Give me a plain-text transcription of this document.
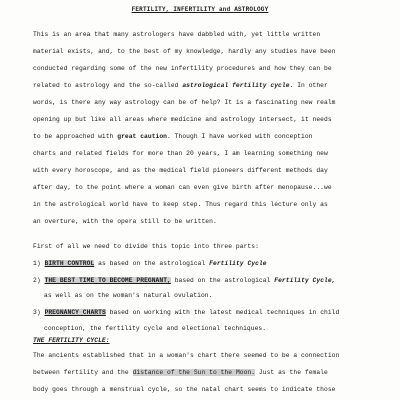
FERTILITY, INFERTILITY and ASTROLOGY
This is an area that many astrologers have dabbled with, yet little written
material exists, and, to the best of my knowledge, hardly any studies have been
conducted regarding some of the new infertility procedures and how they can be
related to astrology and the so-called astrological fertility cycle. In other
words, is there any way astrology can be of help? It is a fascinating new realm
opening up but like all areas where medicine and astrology intersect, it needs
to be approached with great caution. Though I have worked with conception
charts and related fields for more than 20 years, I am learning something new
with every horoscope, and as the medical field pioneers different methods day
after day, to the point where a woman can even give birth after menopause...we
in the astrological world have to keep step. Thus regard this lecture only as
an overture, with the opera still to be written.
First of all we need to divide this topic into three parts:
1) BIRTH CONTROL as based on the astrological Fertility Cycle
2) THE BEST TIME TO BECOME PREGNANT, based on the astrological Fertility Cycle,
as well as on the woman's natural ovulation.
3) PREGNANCY CHARTS based on working with the latest medical techniques in child
conception, the fertility cycle and electional techniques.
THE FERTILITY CYCLE:
The ancients established that in a woman's chart there seemed to be a connection
between fertility and the distance of the Sun to the Moon. Just as the female
body goes through a menstrual cycle, so the natal chart seems to indicate those
